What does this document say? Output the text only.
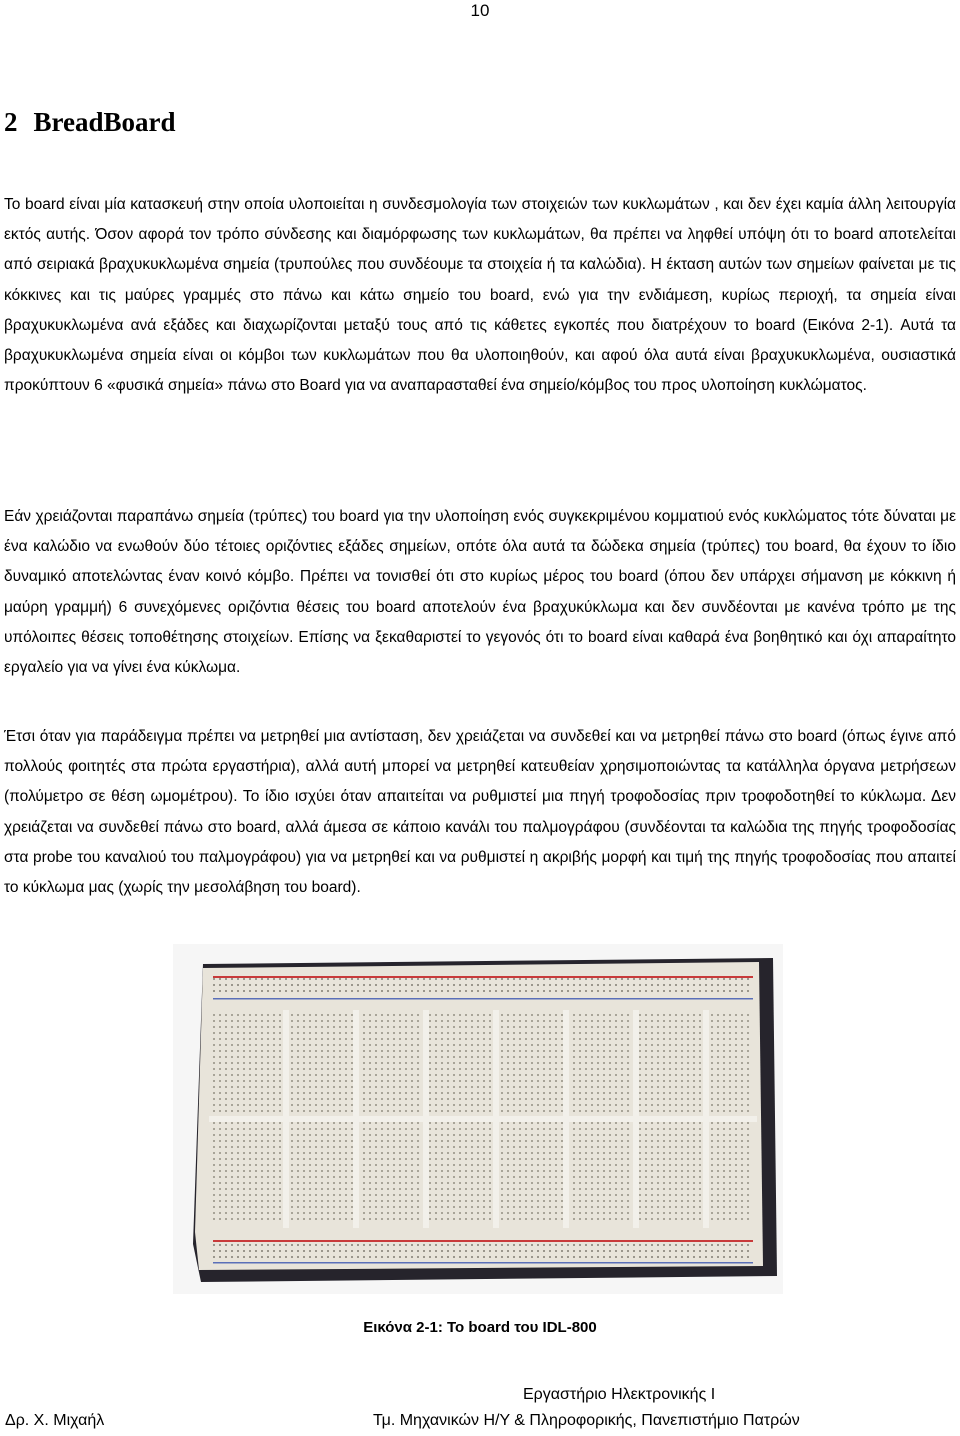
10
2 BreadBoard

Το board είναι μία κατασκευή στην οποία υλοποιείται η συνδεσμολογία των στοιχειών των κυκλωμάτων , και δεν έχει καμία άλλη λειτουργία εκτός αυτής. Όσον αφορά τον τρόπο σύνδεσης και διαμόρφωσης των κυκλωμάτων, θα πρέπει να ληφθεί υπόψη ότι το board αποτελείται από σειριακά βραχυκυκλωμένα σημεία (τρυπούλες που συνδέουμε τα στοιχεία ή τα καλώδια). Η έκταση αυτών των σημείων φαίνεται με τις κόκκινες και τις μαύρες γραμμές στο πάνω και κάτω σημείο του board, ενώ για την ενδιάμεση, κυρίως περιοχή, τα σημεία είναι βραχυκυκλωμένα ανά εξάδες και διαχωρίζονται μεταξύ τους από τις κάθετες εγκοπές που διατρέχουν το board (Εικόνα 2-1). Αυτά τα βραχυκυκλωμένα σημεία είναι οι κόμβοι των κυκλωμάτων που θα υλοποιηθούν, και αφού όλα αυτά είναι βραχυκυκλωμένα, ουσιαστικά προκύπτουν 6 «φυσικά σημεία» πάνω στο Board για να αναπαρασταθεί ένα σημείο/κόμβος του προς υλοποίηση κυκλώματος.

Εάν χρειάζονται παραπάνω σημεία (τρύπες) του board για την υλοποίηση ενός συγκεκριμένου κομματιού ενός κυκλώματος τότε δύναται με ένα καλώδιο να ενωθούν δύο τέτοιες οριζόντιες εξάδες σημείων, οπότε όλα αυτά τα δώδεκα σημεία (τρύπες) του board, θα έχουν το ίδιο δυναμικό αποτελώντας έναν κοινό κόμβο. Πρέπει να τονισθεί ότι στο κυρίως μέρος του board (όπου δεν υπάρχει σήμανση με κόκκινη ή μαύρη γραμμή) 6 συνεχόμενες οριζόντια θέσεις του board αποτελούν ένα βραχυκύκλωμα και δεν συνδέονται με κανένα τρόπο με της υπόλοιπες θέσεις τοποθέτησης στοιχείων. Επίσης να ξεκαθαριστεί το γεγονός ότι το board είναι καθαρά ένα βοηθητικό και όχι απαραίτητο εργαλείο για να γίνει ένα κύκλωμα.

Έτσι όταν για παράδειγμα πρέπει να μετρηθεί μια αντίσταση, δεν χρειάζεται να συνδεθεί και να μετρηθεί πάνω στο board (όπως έγινε από πολλούς φοιτητές στα πρώτα εργαστήρια), αλλά αυτή μπορεί να μετρηθεί κατευθείαν χρησιμοποιώντας τα κατάλληλα όργανα μετρήσεων (πολύμετρο σε θέση ωμομέτρου). Το ίδιο ισχύει όταν απαιτείται να ρυθμιστεί μια πηγή τροφοδοσίας πριν τροφοδοτηθεί το κύκλωμα. Δεν χρειάζεται να συνδεθεί πάνω στο board, αλλά άμεσα σε κάποιο κανάλι του παλμογράφου (συνδέονται τα καλώδια της πηγής τροφοδοσίας στα probe του καναλιού του παλμογράφου) για να μετρηθεί και να ρυθμιστεί η ακριβής μορφή και τιμή της πηγής τροφοδοσίας που απαιτεί το κύκλωμα μας (χωρίς την μεσολάβηση του board).

Εικόνα 2-1: Το board του IDL-800
Εργαστήριο Ηλεκτρονικής Ι
Δρ. Χ. Μιχαήλ	Τμ. Μηχανικών Η/Υ & Πληροφορικής, Πανεπιστήμιο Πατρών
